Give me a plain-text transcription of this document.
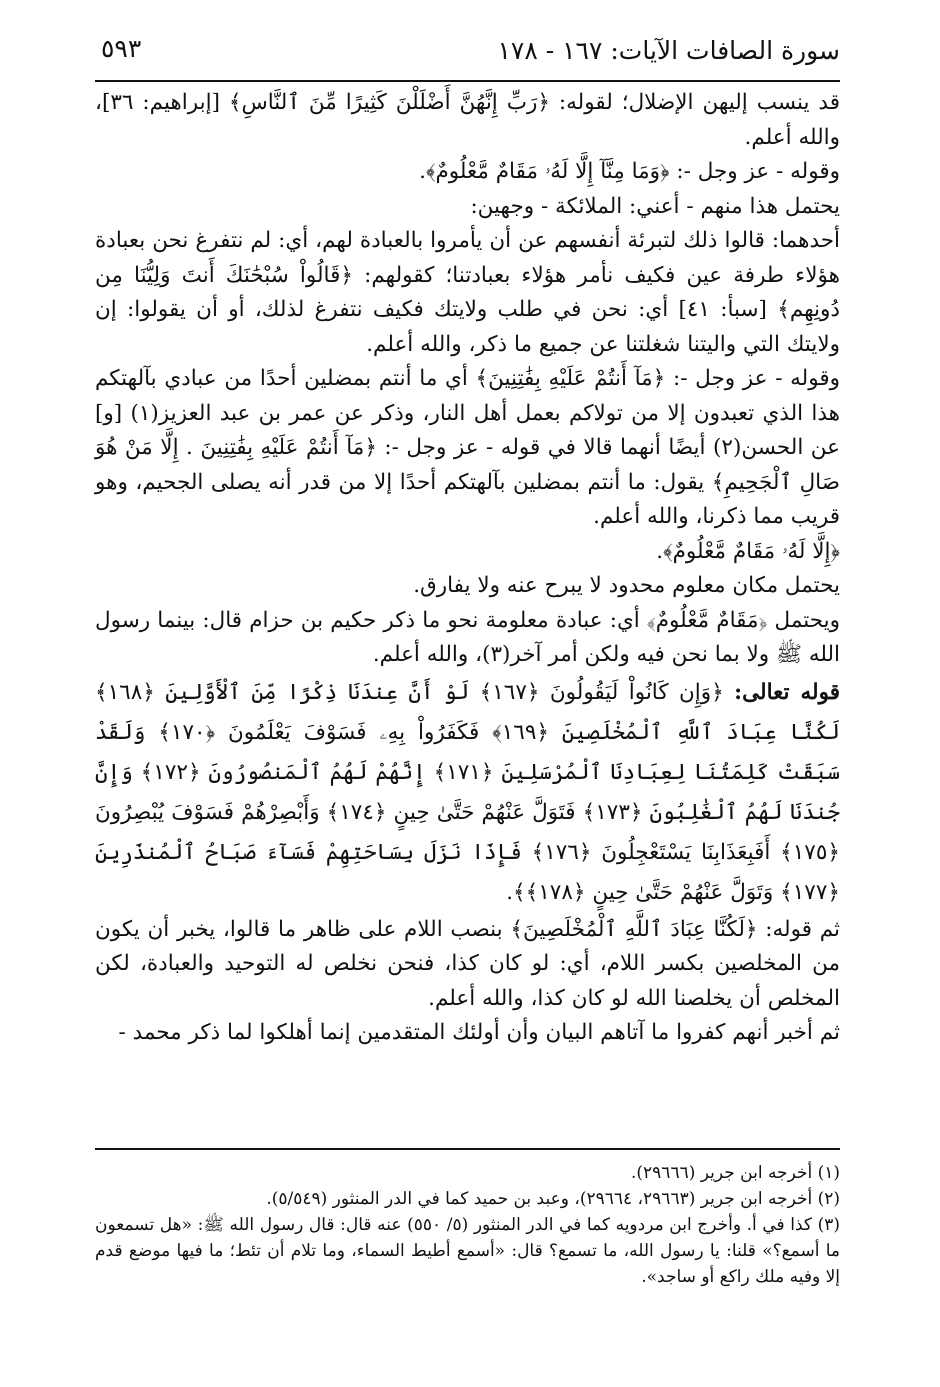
سورة الصافات الآيات: ١٦٧ - ١٧٨
٥٩٣

قد ينسب إليهن الإضلال؛ لقوله: ﴿رَبِّ إِنَّهُنَّ أَضْلَلْنَ كَثِيرًا مِّنَ ٱلنَّاسِ﴾ [إبراهيم: ٣٦]، والله أعلم.

وقوله - عز وجل -: ﴿وَمَا مِنَّآ إِلَّا لَهُۥ مَقَامٌ مَّعْلُومٌ﴾.

يحتمل هذا منهم - أعني: الملائكة - وجهين:

أحدهما: قالوا ذلك لتبرئة أنفسهم عن أن يأمروا بالعبادة لهم، أي: لم نتفرغ نحن بعبادة هؤلاء طرفة عين فكيف نأمر هؤلاء بعبادتنا؛ كقولهم: ﴿قَالُواْ سُبْحَٰنَكَ أَنتَ وَلِيُّنَا مِن دُونِهِم﴾ [سبأ: ٤١] أي: نحن في طلب ولايتك فكيف نتفرغ لذلك، أو أن يقولوا: إن ولايتك التي واليتنا شغلتنا عن جميع ما ذكر، والله أعلم.

وقوله - عز وجل -: ﴿مَآ أَنتُمْ عَلَيْهِ بِفَٰتِنِينَ﴾ أي ما أنتم بمضلين أحدًا من عبادي بآلهتكم هذا الذي تعبدون إلا من تولاكم بعمل أهل النار، وذكر عن عمر بن عبد العزيز(١) [و] عن الحسن(٢) أيضًا أنهما قالا في قوله - عز وجل -: ﴿مَآ أَنتُمْ عَلَيْهِ بِفَٰتِنِينَ . إِلَّا مَنْ هُوَ صَالِ ٱلْجَحِيمِ﴾ يقول: ما أنتم بمضلين بآلهتكم أحدًا إلا من قدر أنه يصلى الجحيم، وهو قريب مما ذكرنا، والله أعلم.

﴿إِلَّا لَهُۥ مَقَامٌ مَّعْلُومٌ﴾.

يحتمل مكان معلوم محدود لا يبرح عنه ولا يفارق.

ويحتمل ﴿مَقَامٌ مَّعْلُومٌ﴾ أي: عبادة معلومة نحو ما ذكر حكيم بن حزام قال: بينما رسول الله ﷺ ولا بما نحن فيه ولكن أمر آخر(٣)، والله أعلم.

قوله تعالى: ﴿وَإِن كَانُواْ لَيَقُولُونَ ﴿١٦٧﴾ لَوْ أَنَّ عِندَنَا ذِكْرًا مِّنَ ٱلْأَوَّلِينَ ﴿١٦٨﴾ لَكُنَّا عِبَادَ ٱللَّهِ ٱلْمُخْلَصِينَ ﴿١٦٩﴾ فَكَفَرُواْ بِهِۦ فَسَوْفَ يَعْلَمُونَ ﴿١٧٠﴾ وَلَقَدْ سَبَقَتْ كَلِمَتُنَا لِعِبَادِنَا ٱلْمُرْسَلِينَ ﴿١٧١﴾ إِنَّهُمْ لَهُمُ ٱلْمَنصُورُونَ ﴿١٧٢﴾ وَإِنَّ جُندَنَا لَهُمُ ٱلْغَٰلِبُونَ ﴿١٧٣﴾ فَتَوَلَّ عَنْهُمْ حَتَّىٰ حِينٍ ﴿١٧٤﴾ وَأَبْصِرْهُمْ فَسَوْفَ يُبْصِرُونَ ﴿١٧٥﴾ أَفَبِعَذَابِنَا يَسْتَعْجِلُونَ ﴿١٧٦﴾ فَإِذَا نَزَلَ بِسَاحَتِهِمْ فَسَآءَ صَبَاحُ ٱلْمُنذَرِينَ ﴿١٧٧﴾ وَتَوَلَّ عَنْهُمْ حَتَّىٰ حِينٍ ﴿١٧٨﴾﴾.

ثم قوله: ﴿لَكُنَّا عِبَادَ ٱللَّهِ ٱلْمُخْلَصِينَ﴾ بنصب اللام على ظاهر ما قالوا، يخبر أن يكون من المخلصين بكسر اللام، أي: لو كان كذا، فنحن نخلص له التوحيد والعبادة، لكن المخلص أن يخلصنا الله لو كان كذا، والله أعلم.

ثم أخبر أنهم كفروا ما آتاهم البيان وأن أولئك المتقدمين إنما أهلكوا لما ذكر محمد -

(١) أخرجه ابن جرير (٢٩٦٦٦).

(٢) أخرجه ابن جرير (٢٩٦٦٣، ٢٩٦٦٤)، وعبد بن حميد كما في الدر المنثور (٥/٥٤٩).

(٣) كذا في أ. وأخرج ابن مردويه كما في الدر المنثور (٥/ ٥٥٠) عنه قال: قال رسول الله ﷺ: «هل تسمعون ما أسمع؟» قلنا: يا رسول الله، ما تسمع؟ قال: «أسمع أطيط السماء، وما تلام أن تئط؛ ما فيها موضع قدم إلا وفيه ملك راكع أو ساجد».
